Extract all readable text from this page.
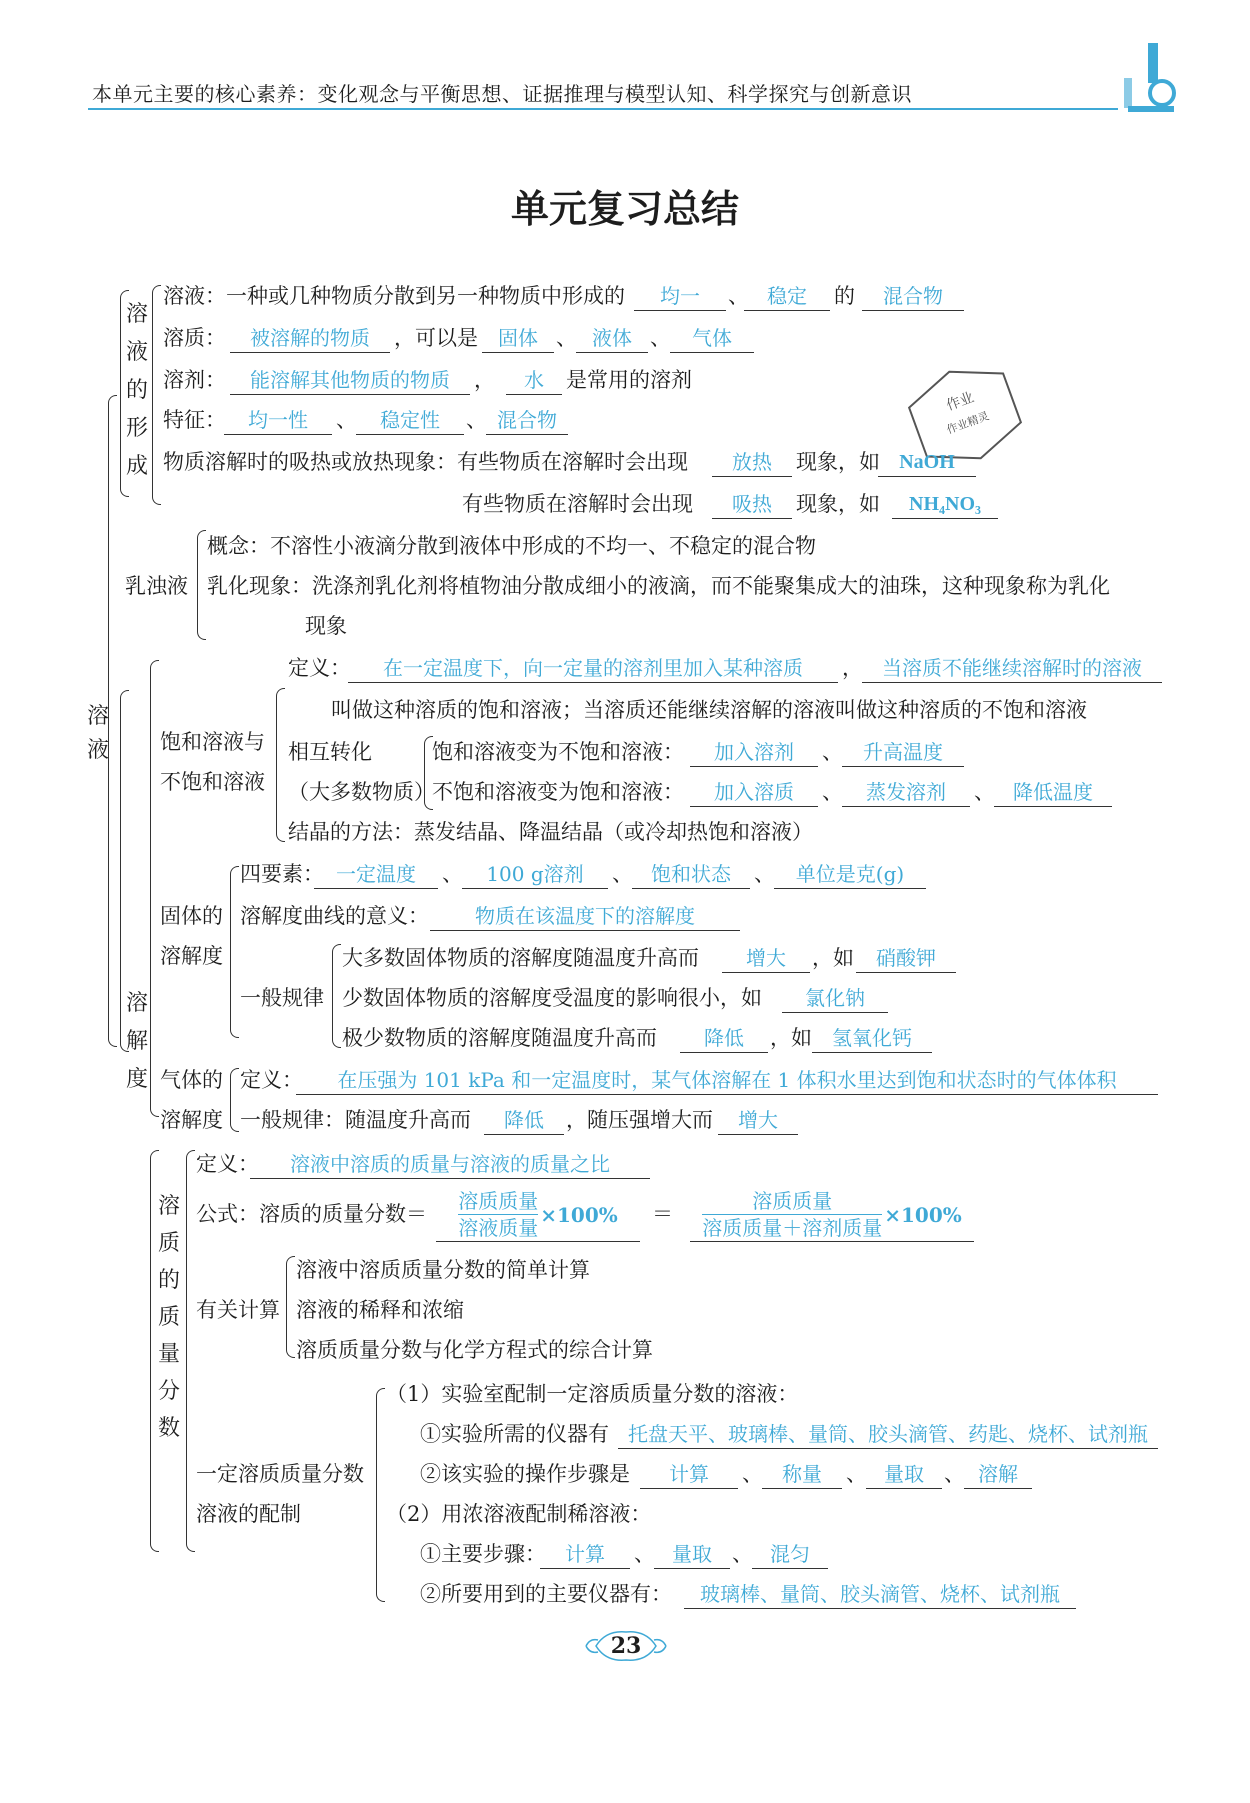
本单元主要的核心素养：变化观念与平衡思想、证据推理与模型认知、科学探究与创新意识
单元复习总结
溶液
溶
液
的
形
成
溶液：一种或几种物质分散到另一种物质中形成的	均一	、 稳定	的	混合物
溶质：	被溶解的物质	，可以是	固体 、 液体 、	气体
溶剂：	能溶解其他物质的物质	，	水	是常用的溶剂
作业
作业精灵
特征：	均一性	、	稳定性	、 混合物
物质溶解时的吸热或放热现象：有些物质在溶解时会出现	放热	现象，如 NaOH
有些物质在溶解时会出现	吸热	现象，如	NH₄NO₃
乳浊液
概念：不溶性小液滴分散到液体中形成的不均一、不稳定的混合物
乳化现象：洗涤剂乳化剂将植物油分散成细小的液滴，而不能聚集成大的油珠，这种现象称为乳化
现象
溶
解
度
饱和溶液与
不饱和溶液
定义：	在一定温度下，向一定量的溶剂里加入某种溶质	， 当溶质不能继续溶解时的溶液
叫做这种溶质的饱和溶液；当溶质还能继续溶解的溶液叫做这种溶质的不饱和溶液
相互转化
（大多数物质）
饱和溶液变为不饱和溶液：	加入溶剂	、	升高温度
不饱和溶液变为饱和溶液：	加入溶质	、	蒸发溶剂	、 降低温度
结晶的方法：蒸发结晶、降温结晶（或冷却热饱和溶液）
固体的
溶解度
四要素： 一定温度	、	100 g溶剂	、 饱和状态	、	单位是克(g)
溶解度曲线的意义：	物质在该温度下的溶解度
一般规律
大多数固体物质的溶解度随温度升高而	增大	，如	硝酸钾
少数固体物质的溶解度受温度的影响很小，如	氯化钠
极少数物质的溶解度随温度升高而	降低	，如	氢氧化钙
气体的
溶解度
定义：	在压强为 101 kPa 和一定温度时，某气体溶解在 1 体积水里达到饱和状态时的气体体积
一般规律：随温度升高而	降低	，随压强增大而	增大
溶
质
的
质
量
分
数
定义：	溶液中溶质的质量与溶液的质量之比
公式：溶质的质量分数＝
溶质质量
溶液质量
×100% ＝
溶质质量
溶质质量＋溶剂质量
×100%
有关计算
溶液中溶质质量分数的简单计算
溶液的稀释和浓缩
溶质质量分数与化学方程式的综合计算
一定溶质质量分数
溶液的配制
（1）实验室配制一定溶质质量分数的溶液：
①实验所需的仪器有 托盘天平、玻璃棒、量筒、胶头滴管、药匙、烧杯、试剂瓶
②该实验的操作步骤是	计算	、 称量	、 量取 、 溶解
（2）用浓溶液配制稀溶液：
①主要步骤： 计算	、 量取 、 混匀
②所要用到的主要仪器有：	玻璃棒、量筒、胶头滴管、烧杯、试剂瓶
23
